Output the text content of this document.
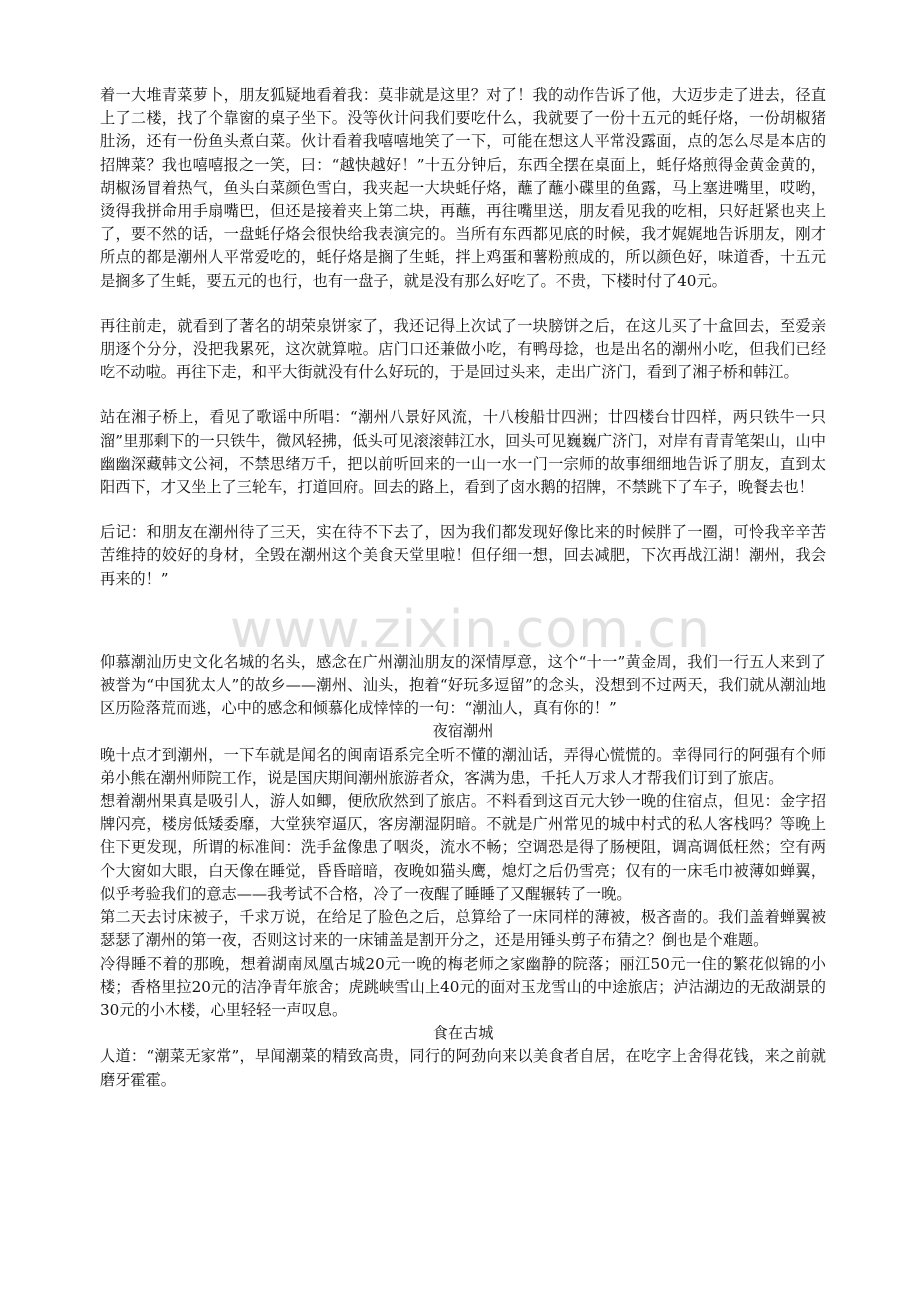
着一大堆青菜萝卜，朋友狐疑地看着我：莫非就是这里？对了！我的动作告诉了他，大迈步走了进去，径直上了二楼，找了个靠窗的桌子坐下。没等伙计问我们要吃什么，我就要了一份十五元的蚝仔烙，一份胡椒猪肚汤，还有一份鱼头煮白菜。伙计看着我嘻嘻地笑了一下，可能在想这人平常没露面，点的怎么尽是本店的招牌菜？我也嘻嘻报之一笑，曰：“越快越好！”十五分钟后，东西全摆在桌面上，蚝仔烙煎得金黄金黄的，胡椒汤冒着热气，鱼头白菜颜色雪白，我夹起一大块蚝仔烙，蘸了蘸小碟里的鱼露，马上塞进嘴里，哎哟，烫得我拼命用手扇嘴巴，但还是接着夹上第二块，再蘸，再往嘴里送，朋友看见我的吃相，只好赶紧也夹上了，要不然的话，一盘蚝仔烙会很快给我表演完的。当所有东西都见底的时候，我才娓娓地告诉朋友，刚才所点的都是潮州人平常爱吃的，蚝仔烙是搁了生蚝，拌上鸡蛋和薯粉煎成的，所以颜色好，味道香，十五元是搁多了生蚝，要五元的也行，也有一盘子，就是没有那么好吃了。不贵，下楼时付了40元。

再往前走，就看到了著名的胡荣泉饼家了，我还记得上次试了一块膀饼之后，在这儿买了十盒回去，至爱亲朋逐个分分，没把我累死，这次就算啦。店门口还兼做小吃，有鸭母捻，也是出名的潮州小吃，但我们已经吃不动啦。再往下走，和平大街就没有什么好玩的，于是回过头来，走出广济门，看到了湘子桥和韩江。

站在湘子桥上，看见了歌谣中所唱：“潮州八景好风流，十八梭船廿四洲；廿四楼台廿四样，两只铁牛一只溜”里那剩下的一只铁牛，微风轻拂，低头可见滚滚韩江水，回头可见巍巍广济门，对岸有青青笔架山，山中幽幽深藏韩文公祠，不禁思绪万千，把以前听回来的一山一水一门一宗师的故事细细地告诉了朋友，直到太阳西下，才又坐上了三轮车，打道回府。回去的路上，看到了卤水鹅的招牌，不禁跳下了车子，晚餐去也！

后记：和朋友在潮州待了三天，实在待不下去了，因为我们都发现好像比来的时候胖了一圈，可怜我辛辛苦苦维持的姣好的身材，全毁在潮州这个美食天堂里啦！但仔细一想，回去减肥，下次再战江湖！潮州，我会再来的！”

仰慕潮汕历史文化名城的名头，感念在广州潮汕朋友的深情厚意，这个“十一”黄金周，我们一行五人来到了被誉为“中国犹太人”的故乡——潮州、汕头，抱着“好玩多逗留”的念头，没想到不过两天，我们就从潮汕地区历险落荒而逃，心中的感念和倾慕化成悻悻的一句：“潮汕人，真有你的！”

夜宿潮州

晚十点才到潮州，一下车就是闻名的闽南语系完全听不懂的潮汕话，弄得心慌慌的。幸得同行的阿强有个师弟小熊在潮州师院工作，说是国庆期间潮州旅游者众，客满为患，千托人万求人才帮我们订到了旅店。

想着潮州果真是吸引人，游人如鲫，便欣欣然到了旅店。不料看到这百元大钞一晚的住宿点，但见：金字招牌闪亮，楼房低矮委靡，大堂狭窄逼仄，客房潮湿阴暗。不就是广州常见的城中村式的私人客栈吗？等晚上住下更发现，所谓的标准间：洗手盆像患了咽炎，流水不畅；空调恐是得了肠梗阻，调高调低枉然；空有两个大窗如大眼，白天像在睡觉，昏昏暗暗，夜晚如猫头鹰，熄灯之后仍雪亮；仅有的一床毛巾被薄如蝉翼，似乎考验我们的意志——我考试不合格，冷了一夜醒了睡睡了又醒辗转了一晚。

第二天去讨床被子，千求万说，在给足了脸色之后，总算给了一床同样的薄被，极吝啬的。我们盖着蝉翼被瑟瑟了潮州的第一夜，否则这讨来的一床铺盖是割开分之，还是用锤头剪子布猜之？倒也是个难题。

冷得睡不着的那晚，想着湖南凤凰古城20元一晚的梅老师之家幽静的院落；丽江50元一住的繁花似锦的小楼；香格里拉20元的洁净青年旅舍；虎跳峡雪山上40元的面对玉龙雪山的中途旅店；泸沽湖边的无敌湖景的30元的小木楼，心里轻轻一声叹息。

食在古城

人道：“潮菜无家常”，早闻潮菜的精致高贵，同行的阿劲向来以美食者自居，在吃字上舍得花钱，来之前就磨牙霍霍。

www.zixin.com.cn
